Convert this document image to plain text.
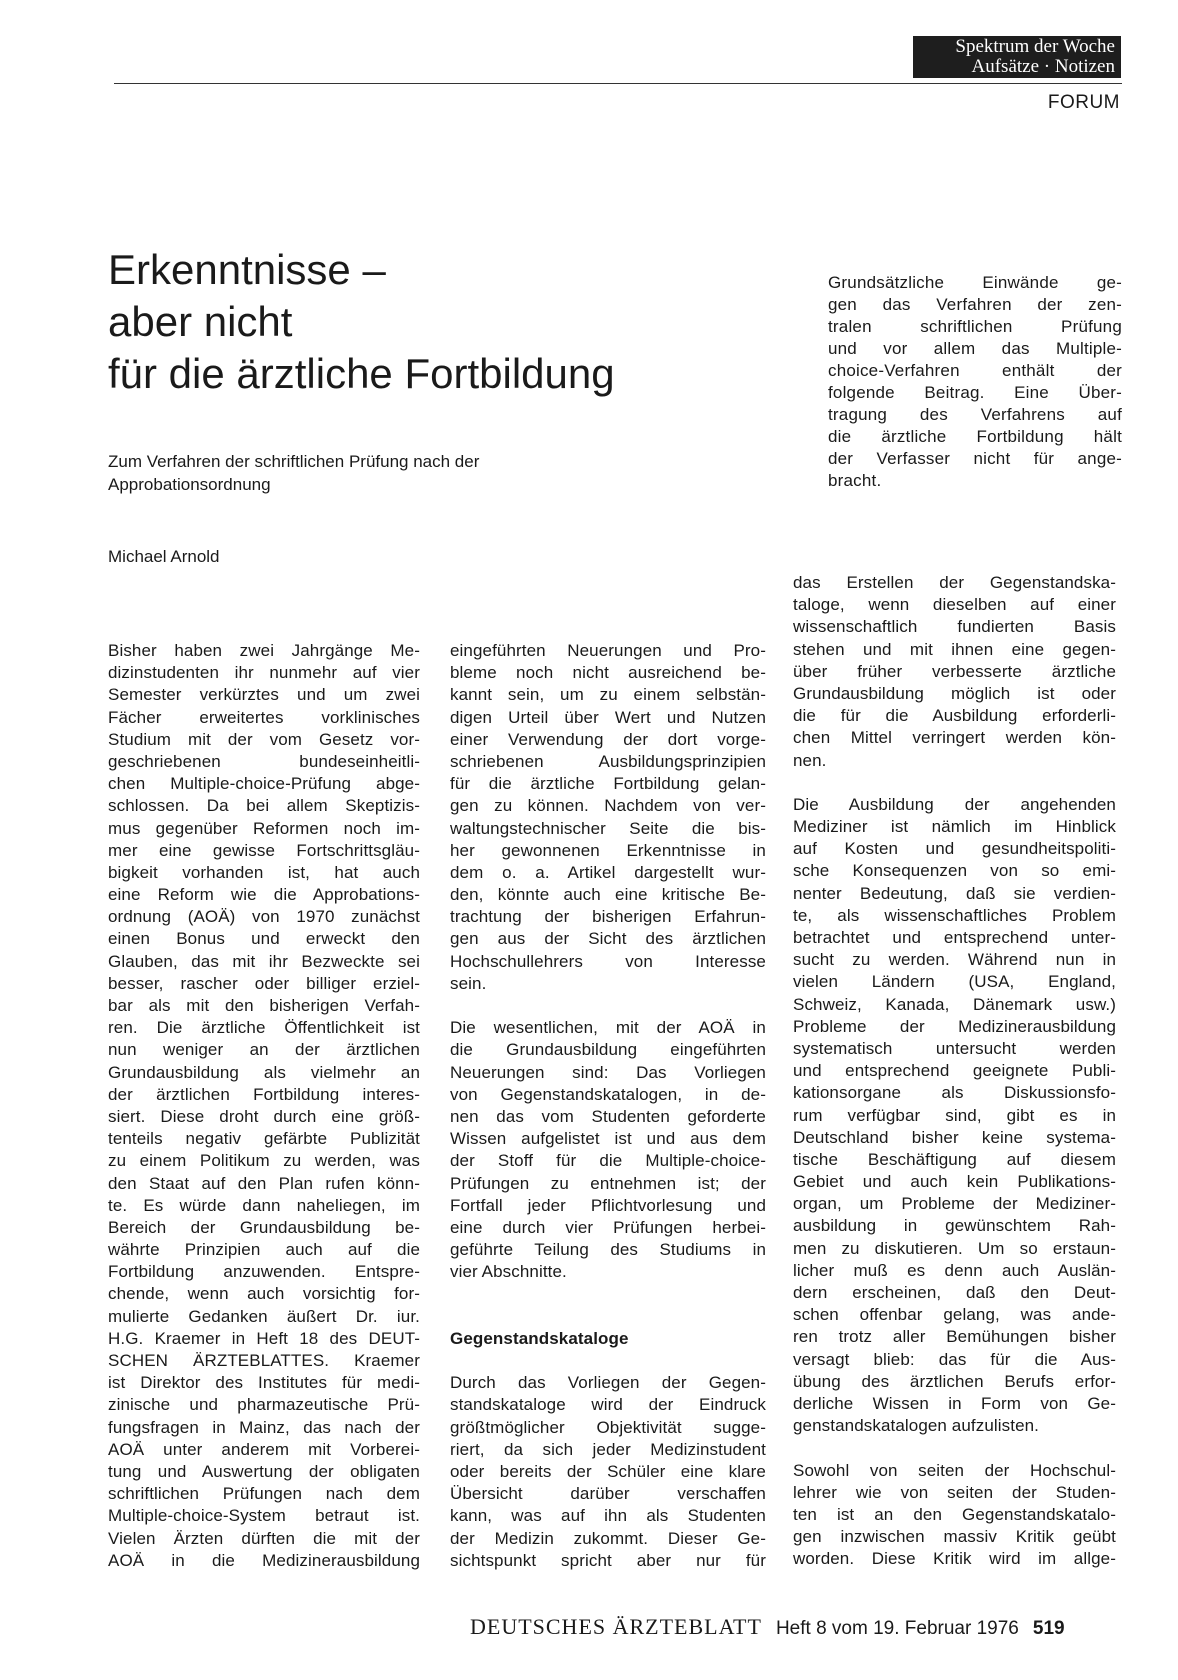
Spektrum der Woche
Aufsätze · Notizen
FORUM
Erkenntnisse –
aber nicht
für die ärztliche Fortbildung
Zum Verfahren der schriftlichen Prüfung nach der Approbationsordnung
Grundsätzliche Einwände ge-
gen das Verfahren der zen-
tralen schriftlichen Prüfung
und vor allem das Multiple-
choice-Verfahren enthält der
folgende Beitrag. Eine Über-
tragung des Verfahrens auf
die ärztliche Fortbildung hält
der Verfasser nicht für ange-
bracht.
Michael Arnold
Bisher haben zwei Jahrgänge Me-
dizinstudenten ihr nunmehr auf vier
Semester verkürztes und um zwei
Fächer erweitertes vorklinisches
Studium mit der vom Gesetz vor-
geschriebenen bundeseinheitli-
chen Multiple-choice-Prüfung abge-
schlossen. Da bei allem Skeptizis-
mus gegenüber Reformen noch im-
mer eine gewisse Fortschrittsgläu-
bigkeit vorhanden ist, hat auch
eine Reform wie die Approbations-
ordnung (AOÄ) von 1970 zunächst
einen Bonus und erweckt den
Glauben, das mit ihr Bezweckte sei
besser, rascher oder billiger erziel-
bar als mit den bisherigen Verfah-
ren. Die ärztliche Öffentlichkeit ist
nun weniger an der ärztlichen
Grundausbildung als vielmehr an
der ärztlichen Fortbildung interes-
siert. Diese droht durch eine größ-
tenteils negativ gefärbte Publizität
zu einem Politikum zu werden, was
den Staat auf den Plan rufen könn-
te. Es würde dann naheliegen, im
Bereich der Grundausbildung be-
währte Prinzipien auch auf die
Fortbildung anzuwenden. Entspre-
chende, wenn auch vorsichtig for-
mulierte Gedanken äußert Dr. iur.
H.G. Kraemer in Heft 18 des DEUT-
SCHEN ÄRZTEBLATTES. Kraemer
ist Direktor des Institutes für medi-
zinische und pharmazeutische Prü-
fungsfragen in Mainz, das nach der
AOÄ unter anderem mit Vorberei-
tung und Auswertung der obligaten
schriftlichen Prüfungen nach dem
Multiple-choice-System betraut ist.
Vielen Ärzten dürften die mit der
AOÄ in die Medizinerausbildung
eingeführten Neuerungen und Pro-
bleme noch nicht ausreichend be-
kannt sein, um zu einem selbstän-
digen Urteil über Wert und Nutzen
einer Verwendung der dort vorge-
schriebenen Ausbildungsprinzipien
für die ärztliche Fortbildung gelan-
gen zu können. Nachdem von ver-
waltungstechnischer Seite die bis-
her gewonnenen Erkenntnisse in
dem o. a. Artikel dargestellt wur-
den, könnte auch eine kritische Be-
trachtung der bisherigen Erfahrun-
gen aus der Sicht des ärztlichen
Hochschullehrers von Interesse
sein.
Die wesentlichen, mit der AOÄ in
die Grundausbildung eingeführten
Neuerungen sind: Das Vorliegen
von Gegenstandskatalogen, in de-
nen das vom Studenten geforderte
Wissen aufgelistet ist und aus dem
der Stoff für die Multiple-choice-
Prüfungen zu entnehmen ist; der
Fortfall jeder Pflichtvorlesung und
eine durch vier Prüfungen herbei-
geführte Teilung des Studiums in
vier Abschnitte.
Gegenstandskataloge
Durch das Vorliegen der Gegen-
standskataloge wird der Eindruck
größtmöglicher Objektivität sugge-
riert, da sich jeder Medizinstudent
oder bereits der Schüler eine klare
Übersicht darüber verschaffen
kann, was auf ihn als Studenten
der Medizin zukommt. Dieser Ge-
sichtspunkt spricht aber nur für
das Erstellen der Gegenstandska-
taloge, wenn dieselben auf einer
wissenschaftlich fundierten Basis
stehen und mit ihnen eine gegen-
über früher verbesserte ärztliche
Grundausbildung möglich ist oder
die für die Ausbildung erforderli-
chen Mittel verringert werden kön-
nen.
Die Ausbildung der angehenden
Mediziner ist nämlich im Hinblick
auf Kosten und gesundheitspoliti-
sche Konsequenzen von so emi-
nenter Bedeutung, daß sie verdien-
te, als wissenschaftliches Problem
betrachtet und entsprechend unter-
sucht zu werden. Während nun in
vielen Ländern (USA, England,
Schweiz, Kanada, Dänemark usw.)
Probleme der Medizinerausbildung
systematisch untersucht werden
und entsprechend geeignete Publi-
kationsorgane als Diskussionsfo-
rum verfügbar sind, gibt es in
Deutschland bisher keine systema-
tische Beschäftigung auf diesem
Gebiet und auch kein Publikations-
organ, um Probleme der Mediziner-
ausbildung in gewünschtem Rah-
men zu diskutieren. Um so erstaun-
licher muß es denn auch Auslän-
dern erscheinen, daß den Deut-
schen offenbar gelang, was ande-
ren trotz aller Bemühungen bisher
versagt blieb: das für die Aus-
übung des ärztlichen Berufs erfor-
derliche Wissen in Form von Ge-
genstandskatalogen aufzulisten.
Sowohl von seiten der Hochschul-
lehrer wie von seiten der Studen-
ten ist an den Gegenstandskatalo-
gen inzwischen massiv Kritik geübt
worden. Diese Kritik wird im allge-
DEUTSCHES ÄRZTEBLATT Heft 8 vom 19. Februar 1976 519
